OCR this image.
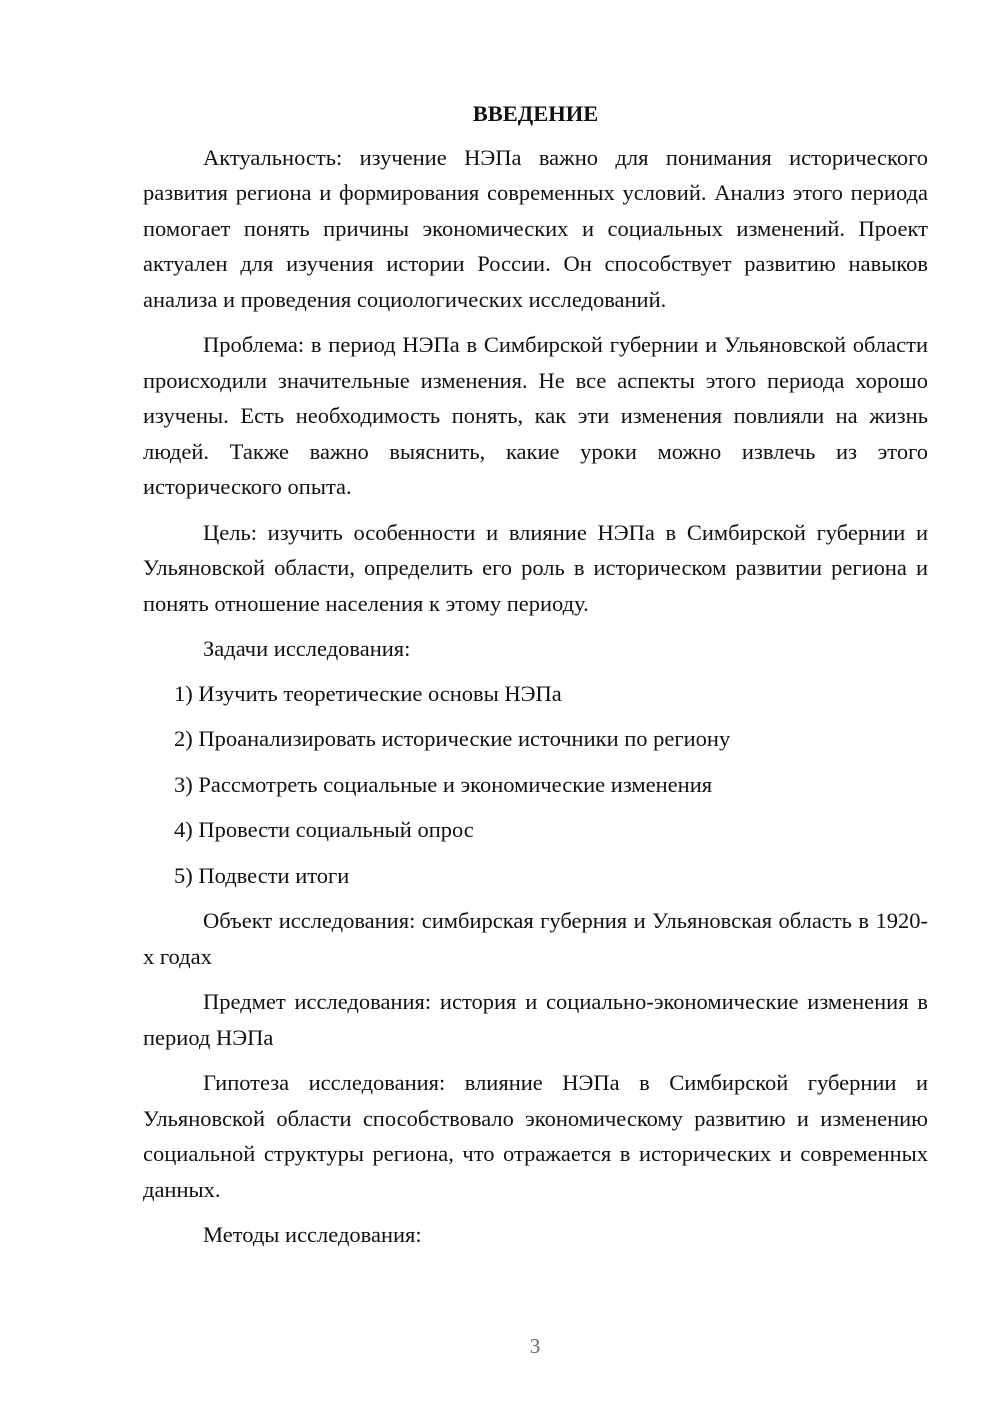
ВВЕДЕНИЕ

Актуальность: изучение НЭПа важно для понимания исторического развития региона и формирования современных условий. Анализ этого периода помогает понять причины экономических и социальных изменений. Проект актуален для изучения истории России. Он способствует развитию навыков анализа и проведения социологических исследований.

Проблема: в период НЭПа в Симбирской губернии и Ульяновской области происходили значительные изменения. Не все аспекты этого периода хорошо изучены. Есть необходимость понять, как эти изменения повлияли на жизнь людей. Также важно выяснить, какие уроки можно извлечь из этого исторического опыта.

Цель: изучить особенности и влияние НЭПа в Симбирской губернии и Ульяновской области, определить его роль в историческом развитии региона и понять отношение населения к этому периоду.

Задачи исследования:
1) Изучить теоретические основы НЭПа
2) Проанализировать исторические источники по региону
3) Рассмотреть социальные и экономические изменения
4) Провести социальный опрос
5) Подвести итоги

Объект исследования: симбирская губерния и Ульяновская область в 1920-х годах

Предмет исследования: история и социально-экономические изменения в период НЭПа

Гипотеза исследования: влияние НЭПа в Симбирской губернии и Ульяновской области способствовало экономическому развитию и изменению социальной структуры региона, что отражается в исторических и современных данных.

Методы исследования:
3
